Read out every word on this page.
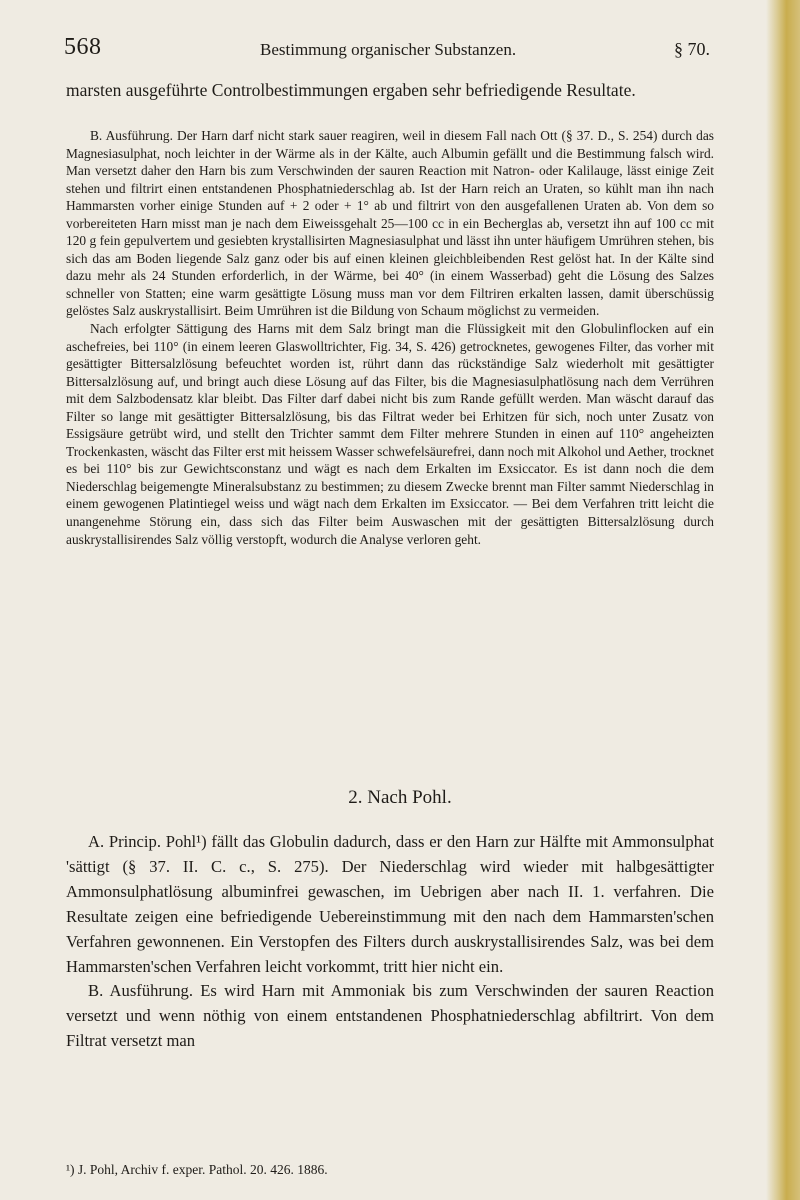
568	Bestimmung organischer Substanzen.	§ 70.

marsten ausgeführte Controlbestimmungen ergaben sehr befriedigende Resultate.

B. Ausführung. Der Harn darf nicht stark sauer reagiren, weil in diesem Fall nach Ott (§ 37. D., S. 254) durch das Magnesiasulphat, noch leichter in der Wärme als in der Kälte, auch Albumin gefällt und die Bestimmung falsch wird. Man versetzt daher den Harn bis zum Verschwinden der sauren Reaction mit Natron- oder Kalilauge, lässt einige Zeit stehen und filtrirt einen entstandenen Phosphatniederschlag ab. Ist der Harn reich an Uraten, so kühlt man ihn nach Hammarsten vorher einige Stunden auf + 2 oder + 1° ab und filtrirt von den ausgefallenen Uraten ab. Von dem so vorbereiteten Harn misst man je nach dem Eiweissgehalt 25—100 cc in ein Becherglas ab, versetzt ihn auf 100 cc mit 120 g fein gepulvertem und gesiebten krystallisirten Magnesiasulphat und lässt ihn unter häufigem Umrühren stehen, bis sich das am Boden liegende Salz ganz oder bis auf einen kleinen gleichbleibenden Rest gelöst hat. In der Kälte sind dazu mehr als 24 Stunden erforderlich, in der Wärme, bei 40° (in einem Wasserbad) geht die Lösung des Salzes schneller von Statten; eine warm gesättigte Lösung muss man vor dem Filtriren erkalten lassen, damit überschüssig gelöstes Salz auskrystallisirt. Beim Umrühren ist die Bildung von Schaum möglichst zu vermeiden.

Nach erfolgter Sättigung des Harns mit dem Salz bringt man die Flüssigkeit mit den Globulinflocken auf ein aschefreies, bei 110° (in einem leeren Glaswolltrichter, Fig. 34, S. 426) getrocknetes, gewogenes Filter, das vorher mit gesättigter Bittersalzlösung befeuchtet worden ist, rührt dann das rückständige Salz wiederholt mit gesättigter Bittersalzlösung auf, und bringt auch diese Lösung auf das Filter, bis die Magnesiasulphatlösung nach dem Verrühren mit dem Salzbodensatz klar bleibt. Das Filter darf dabei nicht bis zum Rande gefüllt werden. Man wäscht darauf das Filter so lange mit gesättigter Bittersalzlösung, bis das Filtrat weder bei Erhitzen für sich, noch unter Zusatz von Essigsäure getrübt wird, und stellt den Trichter sammt dem Filter mehrere Stunden in einen auf 110° angeheizten Trockenkasten, wäscht das Filter erst mit heissem Wasser schwefelsäurefrei, dann noch mit Alkohol und Aether, trocknet es bei 110° bis zur Gewichtsconstanz und wägt es nach dem Erkalten im Exsiccator. Es ist dann noch die dem Niederschlag beigemengte Mineralsubstanz zu bestimmen; zu diesem Zwecke brennt man Filter sammt Niederschlag in einem gewogenen Platintiegel weiss und wägt nach dem Erkalten im Exsiccator. — Bei dem Verfahren tritt leicht die unangenehme Störung ein, dass sich das Filter beim Auswaschen mit der gesättigten Bittersalzlösung durch auskrystallisirendes Salz völlig verstopft, wodurch die Analyse verloren geht.

2. Nach Pohl.

A. Princip. Pohl¹) fällt das Globulin dadurch, dass er den Harn zur Hälfte mit Ammonsulphat 'sättigt (§ 37. II. C. c., S. 275). Der Niederschlag wird wieder mit halbgesättigter Ammonsulphatlösung albuminfrei gewaschen, im Uebrigen aber nach II. 1. verfahren. Die Resultate zeigen eine befriedigende Uebereinstimmung mit den nach dem Hammarsten'schen Verfahren gewonnenen. Ein Verstopfen des Filters durch auskrystallisirendes Salz, was bei dem Hammarsten'schen Verfahren leicht vorkommt, tritt hier nicht ein.

B. Ausführung. Es wird Harn mit Ammoniak bis zum Verschwinden der sauren Reaction versetzt und wenn nöthig von einem entstandenen Phosphatniederschlag abfiltrirt. Von dem Filtrat versetzt man

¹) J. Pohl, Archiv f. exper. Pathol. 20. 426. 1886.
